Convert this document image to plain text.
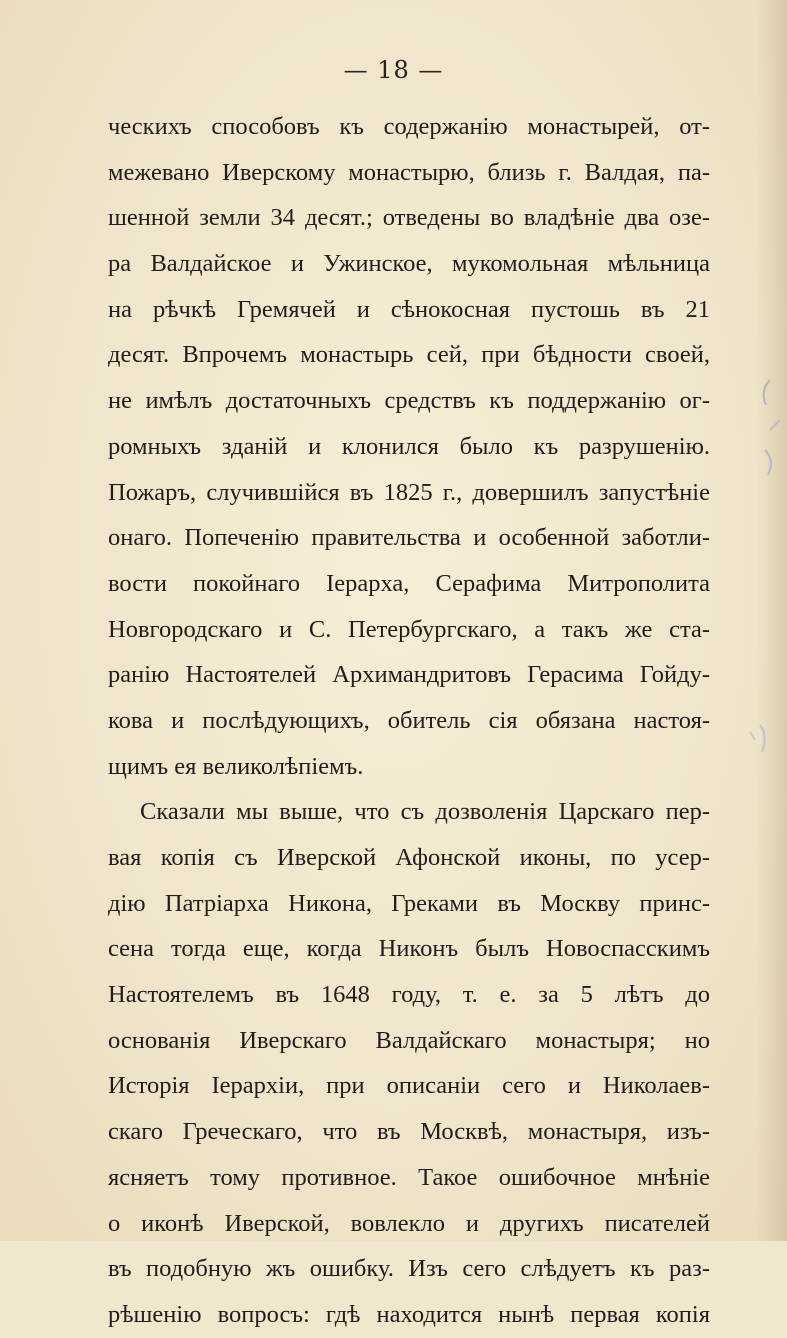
— 18 —
ческихъ способовъ къ содержанію монастырей, от-
межевано Иверскому монастырю, близь г. Валдая, па-
шенной земли 34 десят.; отведены во владѣніе два озе-
ра Валдайское и Ужинское, мукомольная мѣльница
на рѣчкѣ Гремячей и сѣнокосная пустошь въ 21
десят. Впрочемъ монастырь сей, при бѣдности своей,
не имѣлъ достаточныхъ средствъ къ поддержанію ог-
ромныхъ зданій и клонился было къ разрушенію.
Пожаръ, случившійся въ 1825 г., довершилъ запустѣніе
онаго. Попеченію правительства и особенной заботли-
вости покойнаго Іерарха, Серафима Митрополита
Новгородскаго и С. Петербургскаго, а такъ же ста-
ранію Настоятелей Архимандритовъ Герасима Гойду-
кова и послѣдующихъ, обитель сія обязана настоя-
щимъ ея великолѣпіемъ.
Сказали мы выше, что съ дозволенія Царскаго пер-
вая копія съ Иверской Афонской иконы, по усер-
дію Патріарха Никона, Греками въ Москву принс-
сена тогда еще, когда Никонъ былъ Новоспасскимъ
Настоятелемъ въ 1648 году, т. е. за 5 лѣтъ до
основанія Иверскаго Валдайскаго монастыря; но
Исторія Іерархіи, при описаніи сего и Николаев-
скаго Греческаго, что въ Москвѣ, монастыря, изъ-
ясняетъ тому противное. Такое ошибочное мнѣніе
о иконѣ Иверской, вовлекло и другихъ писателей
въ подобную жъ ошибку. Изъ сего слѣдуетъ къ раз-
рѣшенію вопросъ: гдѣ находится нынѣ первая копія
